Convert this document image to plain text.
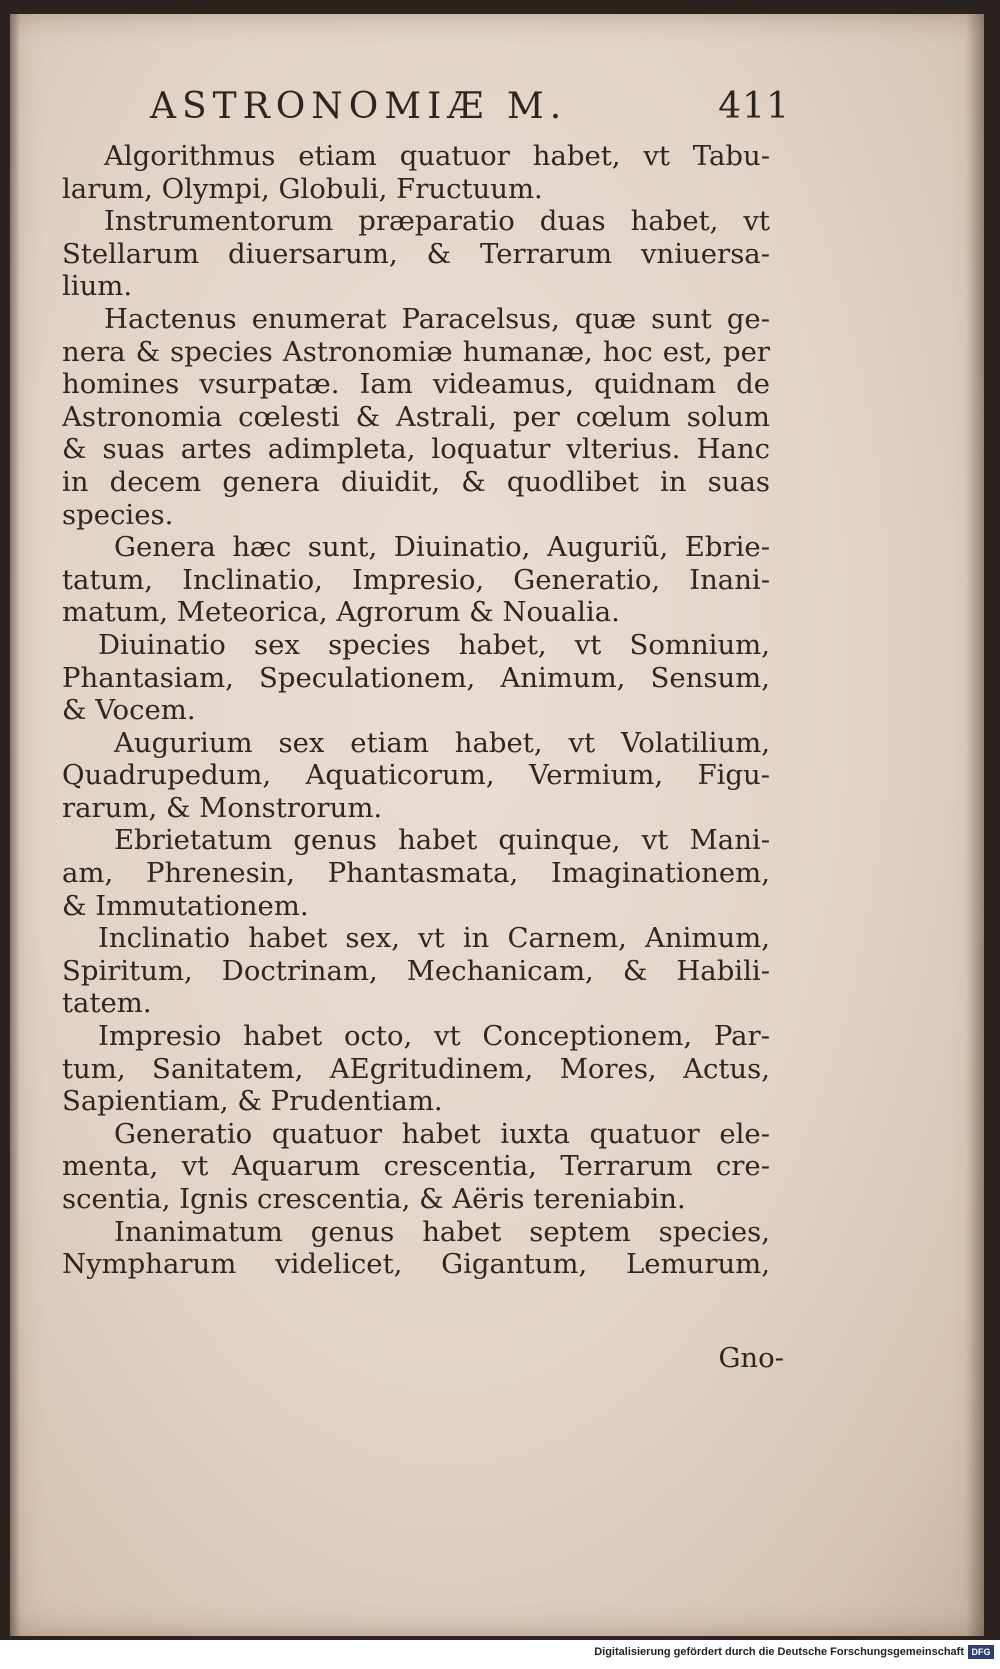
ASTRONOMIÆ M.	411
Algorithmus etiam quatuor habet, vt Tabu-
larum, Olympi, Globuli, Fructuum.
Instrumentorum præparatio duas habet, vt
Stellarum diuersarum, & Terrarum vniuersa-
lium.
Hactenus enumerat Paracelsus, quæ sunt ge-
nera & species Astronomiæ humanæ, hoc est, per
homines vsurpatæ. Iam videamus, quidnam de
Astronomia cœlesti & Astrali, per cœlum solum
& suas artes adimpleta, loquatur vlterius. Hanc
in decem genera diuidit, & quodlibet in suas
species.
Genera hæc sunt, Diuinatio, Auguriũ, Ebrie-
tatum, Inclinatio, Impresio, Generatio, Inani-
matum, Meteorica, Agrorum & Noualia.
Diuinatio sex species habet, vt Somnium,
Phantasiam, Speculationem, Animum, Sensum,
& Vocem.
Augurium sex etiam habet, vt Volatilium,
Quadrupedum, Aquaticorum, Vermium, Figu-
rarum, & Monstrorum.
Ebrietatum genus habet quinque, vt Mani-
am, Phrenesin, Phantasmata, Imaginationem,
& Immutationem.
Inclinatio habet sex, vt in Carnem, Animum,
Spiritum, Doctrinam, Mechanicam, & Habili-
tatem.
Impresio habet octo, vt Conceptionem, Par-
tum, Sanitatem, AEgritudinem, Mores, Actus,
Sapientiam, & Prudentiam.
Generatio quatuor habet iuxta quatuor ele-
menta, vt Aquarum crescentia, Terrarum cre-
scentia, Ignis crescentia, & Aëris tereniabin.
Inanimatum genus habet septem species,
Nympharum videlicet, Gigantum, Lemurum,
Gno-
Digitalisierung gefördert durch die Deutsche Forschungsgemeinschaft DFG
